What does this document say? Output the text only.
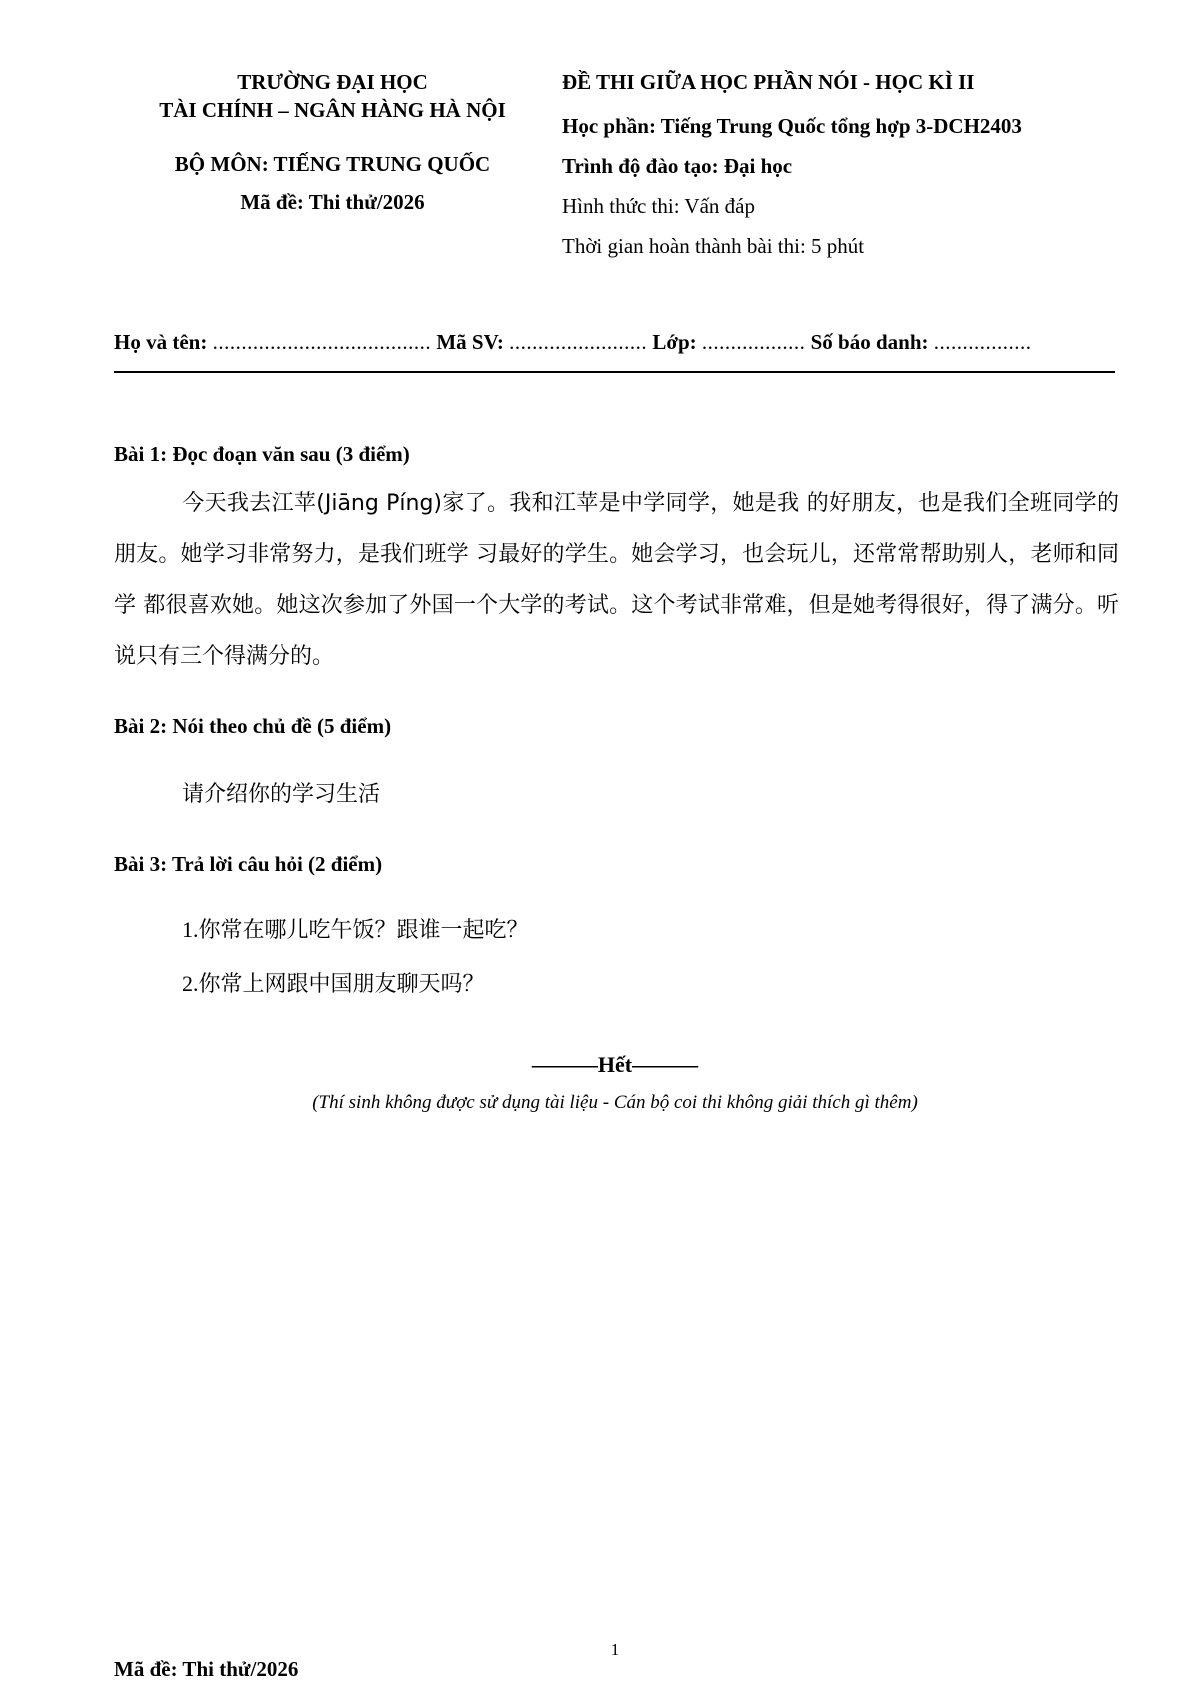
TRƯỜNG ĐẠI HỌC
TÀI CHÍNH – NGÂN HÀNG HÀ NỘI
BỘ MÔN: TIẾNG TRUNG QUỐC
Mã đề: Thi thử/2026
ĐỀ THI GIỮA HỌC PHẦN NÓI - HỌC KÌ II
Học phần: Tiếng Trung Quốc tổng hợp 3-DCH2403
Trình độ đào tạo: Đại học
Hình thức thi: Vấn đáp
Thời gian hoàn thành bài thi: 5 phút
Họ và tên: ...................................... Mã SV: ........................ Lớp: .................. Số báo danh: .................
Bài 1: Đọc đoạn văn sau (3 điểm)
今天我去江苹(Jiāng Píng)家了。我和江苹是中学同学，她是我 的好朋友，也是我们全班同学的朋友。她学习非常努力，是我们班学 习最好的学生。她会学习，也会玩儿，还常常帮助别人，老师和同学 都很喜欢她。她这次参加了外国一个大学的考试。这个考试非常难，但是她考得很好，得了满分。听说只有三个得满分的。
Bài 2: Nói theo chủ đề (5 điểm)
请介绍你的学习生活
Bài 3: Trả lời câu hỏi (2 điểm)
1.你常在哪儿吃午饭？跟谁一起吃？
2.你常上网跟中国朋友聊天吗？
———Hết———
(Thí sinh không được sử dụng tài liệu - Cán bộ coi thi không giải thích gì thêm)
1
Mã đề: Thi thử/2026
